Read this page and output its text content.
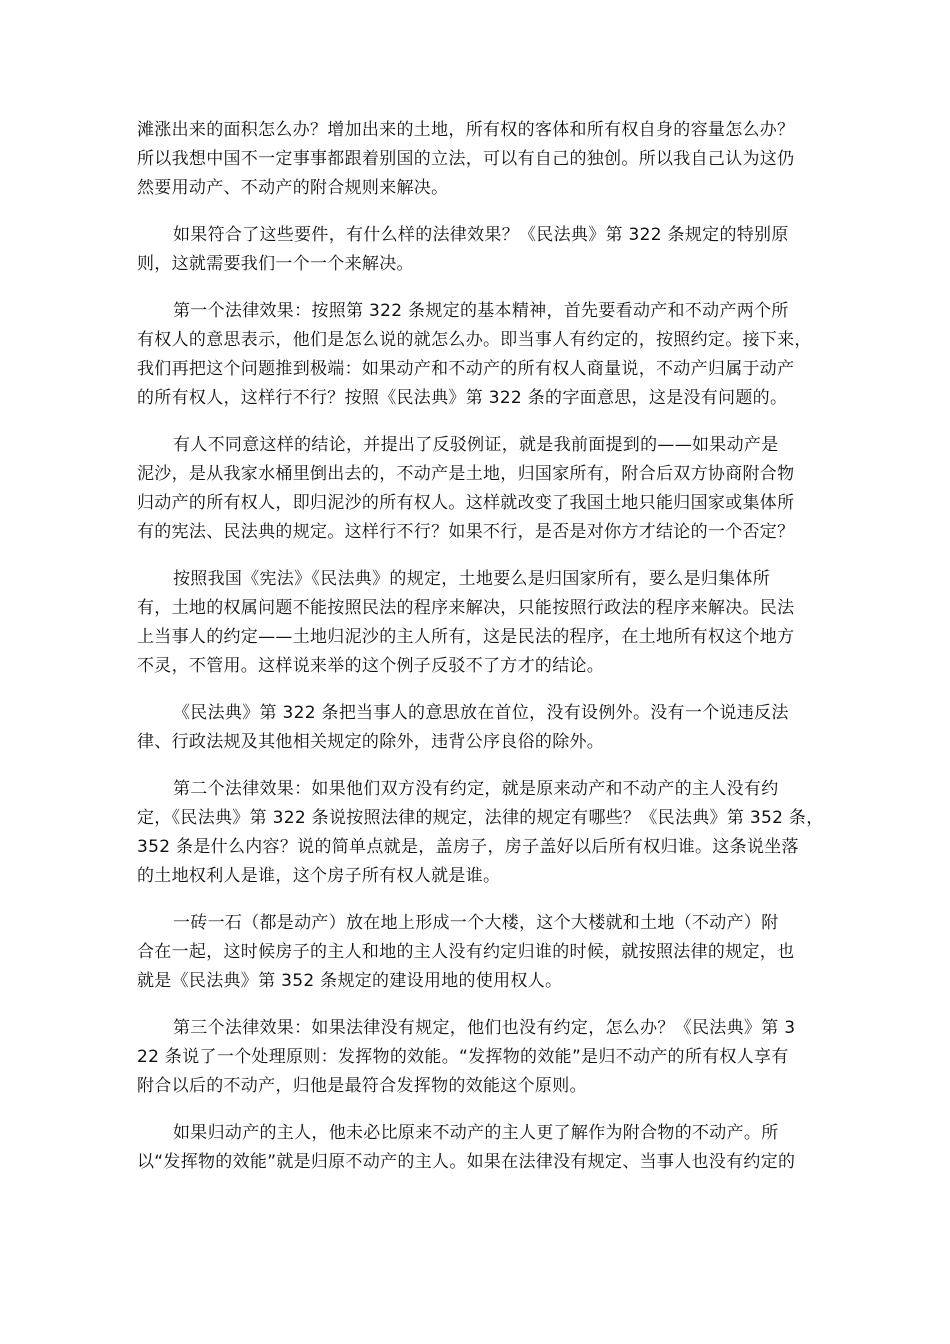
滩涨出来的面积怎么办？增加出来的土地，所有权的客体和所有权自身的容量怎么办？
所以我想中国不一定事事都跟着别国的立法，可以有自己的独创。所以我自己认为这仍
然要用动产、不动产的附合规则来解决。
如果符合了这些要件，有什么样的法律效果？《民法典》第 322 条规定的特别原
则，这就需要我们一个一个来解决。
第一个法律效果：按照第 322 条规定的基本精神，首先要看动产和不动产两个所
有权人的意思表示，他们是怎么说的就怎么办。即当事人有约定的，按照约定。接下来，
我们再把这个问题推到极端：如果动产和不动产的所有权人商量说，不动产归属于动产
的所有权人，这样行不行？按照《民法典》第 322 条的字面意思，这是没有问题的。
有人不同意这样的结论，并提出了反驳例证，就是我前面提到的——如果动产是
泥沙，是从我家水桶里倒出去的，不动产是土地，归国家所有，附合后双方协商附合物
归动产的所有权人，即归泥沙的所有权人。这样就改变了我国土地只能归国家或集体所
有的宪法、民法典的规定。这样行不行？如果不行，是否是对你方才结论的一个否定？
按照我国《宪法》《民法典》的规定，土地要么是归国家所有，要么是归集体所
有，土地的权属问题不能按照民法的程序来解决，只能按照行政法的程序来解决。民法
上当事人的约定——土地归泥沙的主人所有，这是民法的程序，在土地所有权这个地方
不灵，不管用。这样说来举的这个例子反驳不了方才的结论。
《民法典》第 322 条把当事人的意思放在首位，没有设例外。没有一个说违反法
律、行政法规及其他相关规定的除外，违背公序良俗的除外。
第二个法律效果：如果他们双方没有约定，就是原来动产和不动产的主人没有约
定，《民法典》第 322 条说按照法律的规定，法律的规定有哪些？《民法典》第 352 条，
352 条是什么内容？说的简单点就是，盖房子，房子盖好以后所有权归谁。这条说坐落
的土地权利人是谁，这个房子所有权人就是谁。
一砖一石（都是动产）放在地上形成一个大楼，这个大楼就和土地（不动产）附
合在一起，这时候房子的主人和地的主人没有约定归谁的时候，就按照法律的规定，也
就是《民法典》第 352 条规定的建设用地的使用权人。
第三个法律效果：如果法律没有规定，他们也没有约定，怎么办？《民法典》第 3
22 条说了一个处理原则：发挥物的效能。“发挥物的效能”是归不动产的所有权人享有
附合以后的不动产，归他是最符合发挥物的效能这个原则。
如果归动产的主人，他未必比原来不动产的主人更了解作为附合物的不动产。所
以“发挥物的效能”就是归原不动产的主人。如果在法律没有规定、当事人也没有约定的
